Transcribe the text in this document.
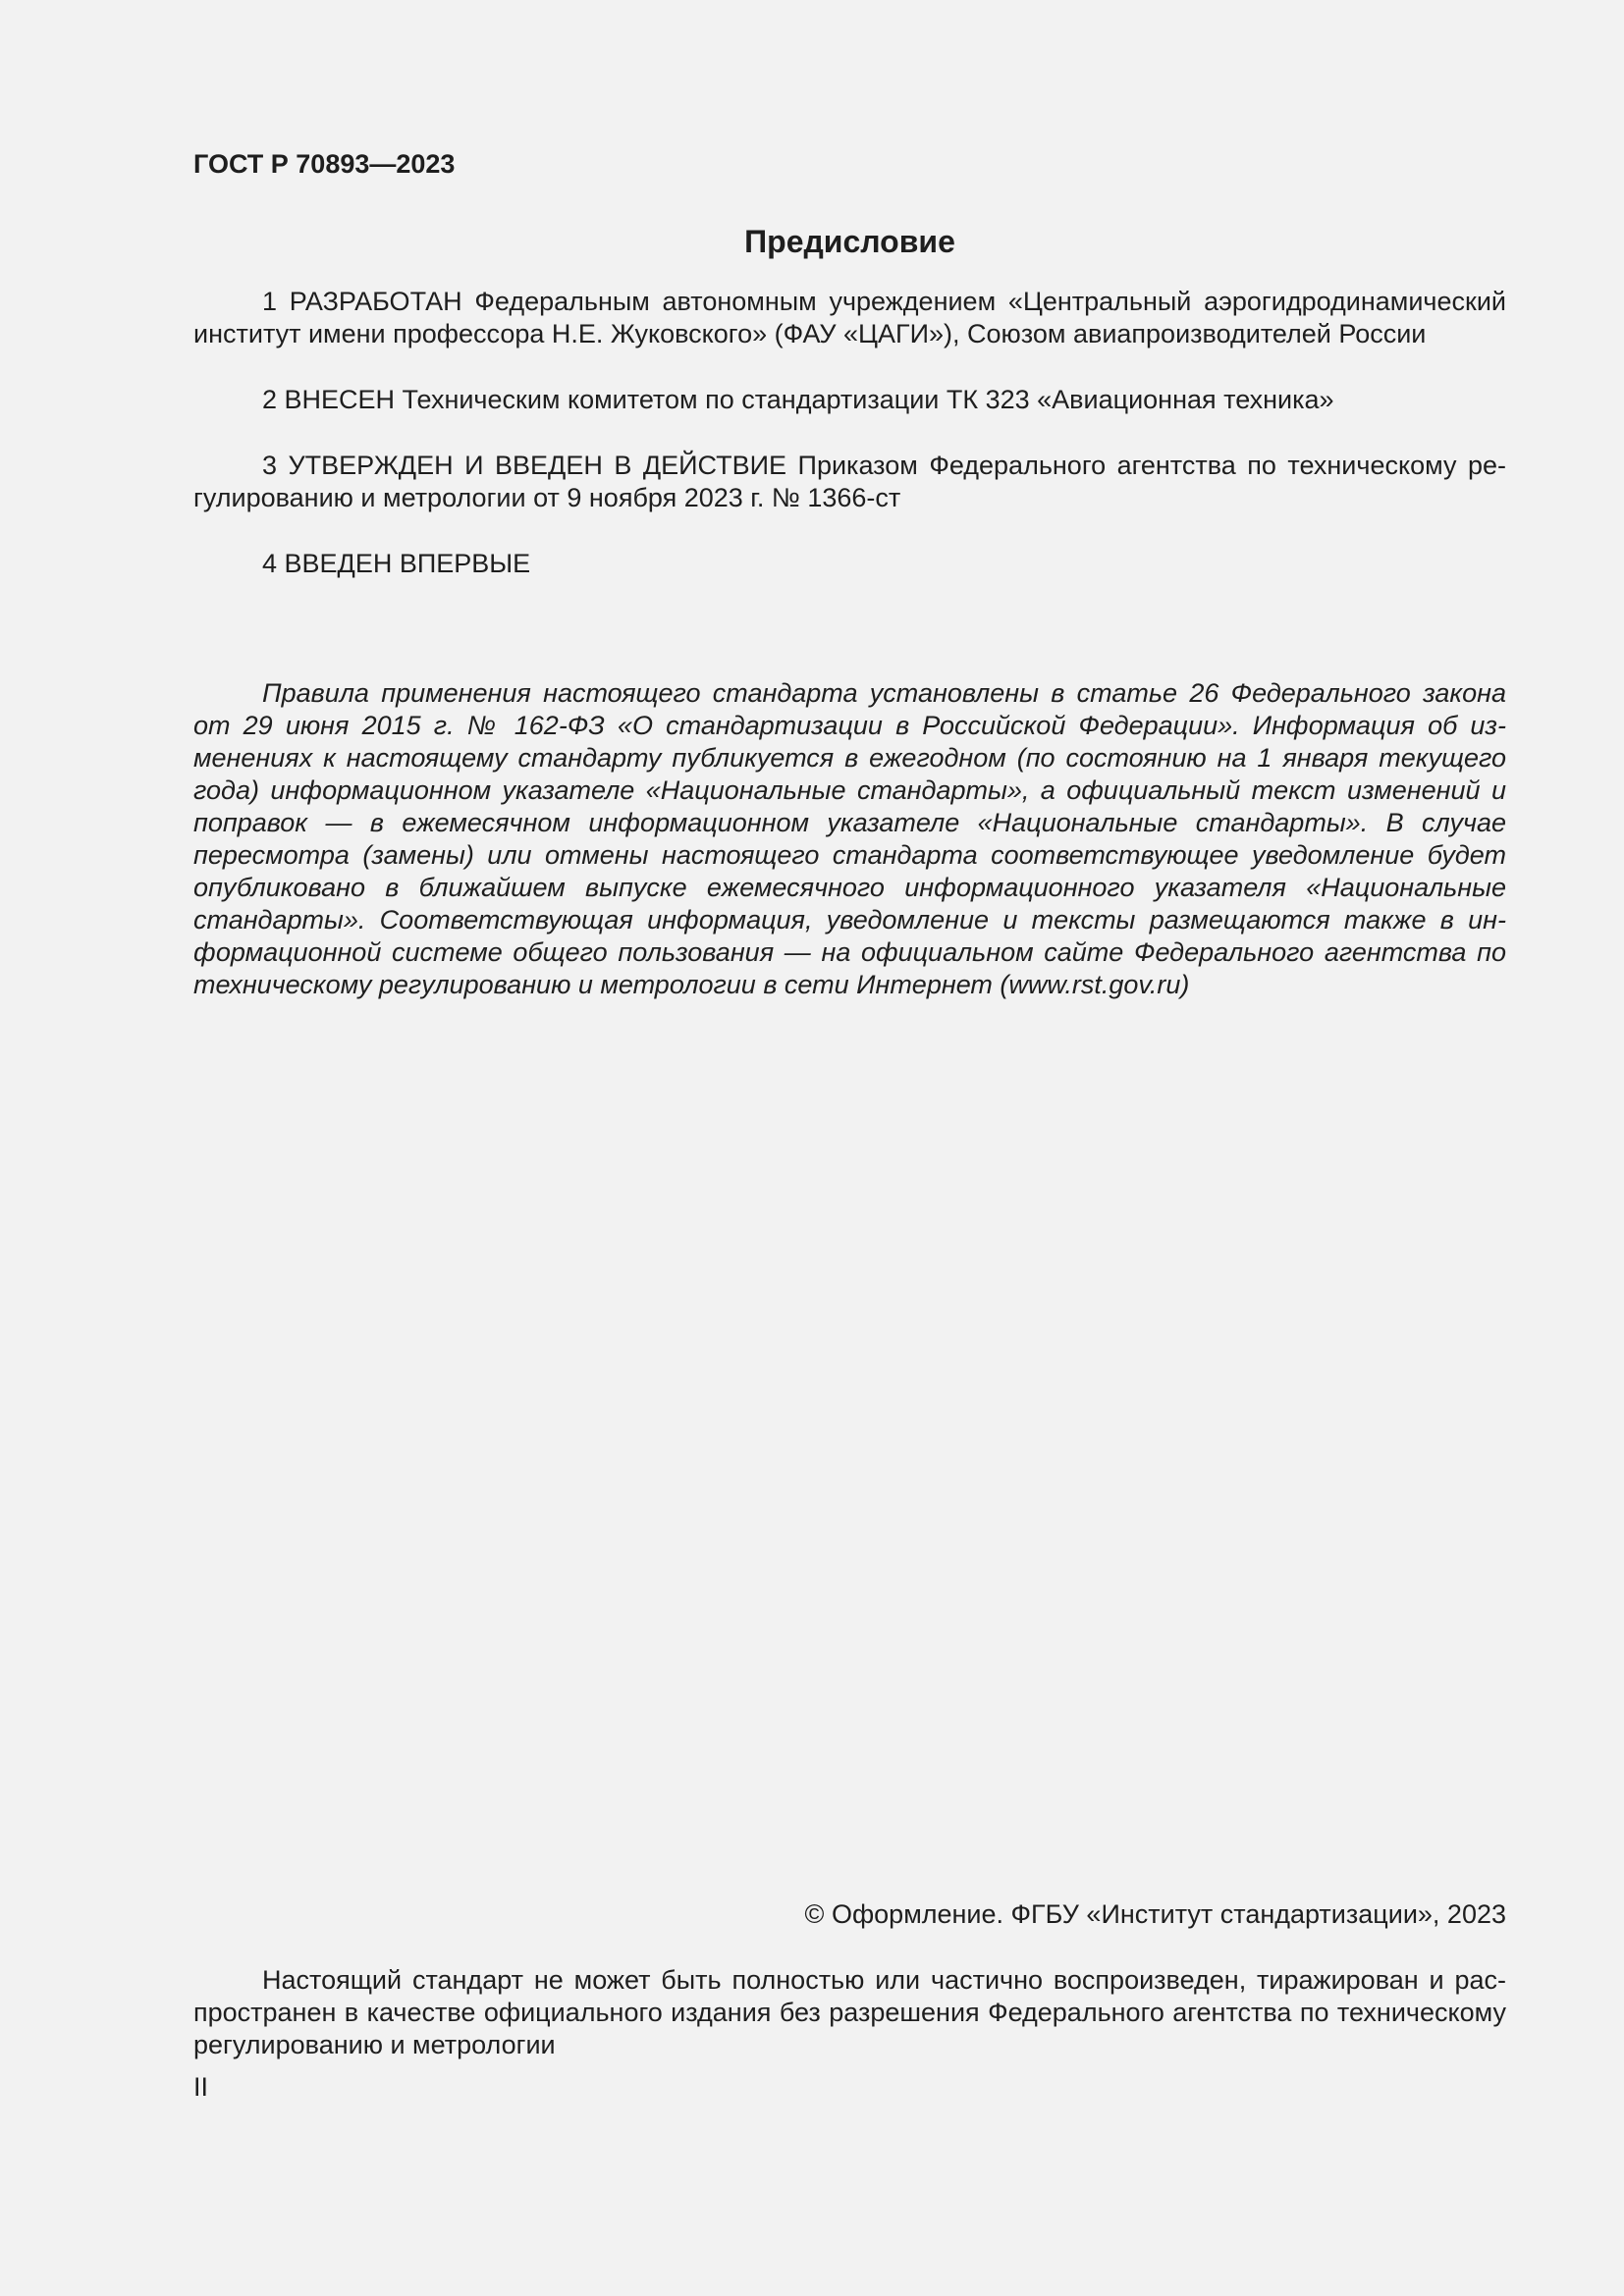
ГОСТ Р 70893—2023

Предисловие

1 РАЗРАБОТАН Федеральным автономным учреждением «Центральный аэрогидродинамический институт имени профессора Н.Е. Жуковского» (ФАУ «ЦАГИ»), Союзом авиапроизводителей России

2 ВНЕСЕН Техническим комитетом по стандартизации ТК 323 «Авиационная техника»

3 УТВЕРЖДЕН И ВВЕДЕН В ДЕЙСТВИЕ Приказом Федерального агентства по техническому регулированию и метрологии от 9 ноября 2023 г. № 1366-ст

4 ВВЕДЕН ВПЕРВЫЕ

Правила применения настоящего стандарта установлены в статье 26 Федерального закона от 29 июня 2015 г. № 162-ФЗ «О стандартизации в Российской Федерации». Информация об изменениях к настоящему стандарту публикуется в ежегодном (по состоянию на 1 января текущего года) информационном указателе «Национальные стандарты», а официальный текст изменений и поправок — в ежемесячном информационном указателе «Национальные стандарты». В случае пересмотра (замены) или отмены настоящего стандарта соответствующее уведомление будет опубликовано в ближайшем выпуске ежемесячного информационного указателя «Национальные стандарты». Соответствующая информация, уведомление и тексты размещаются также в информационной системе общего пользования — на официальном сайте Федерального агентства по техническому регулированию и метрологии в сети Интернет (www.rst.gov.ru)

© Оформление. ФГБУ «Институт стандартизации», 2023

Настоящий стандарт не может быть полностью или частично воспроизведен, тиражирован и распространен в качестве официального издания без разрешения Федерального агентства по техническому регулированию и метрологии

II
